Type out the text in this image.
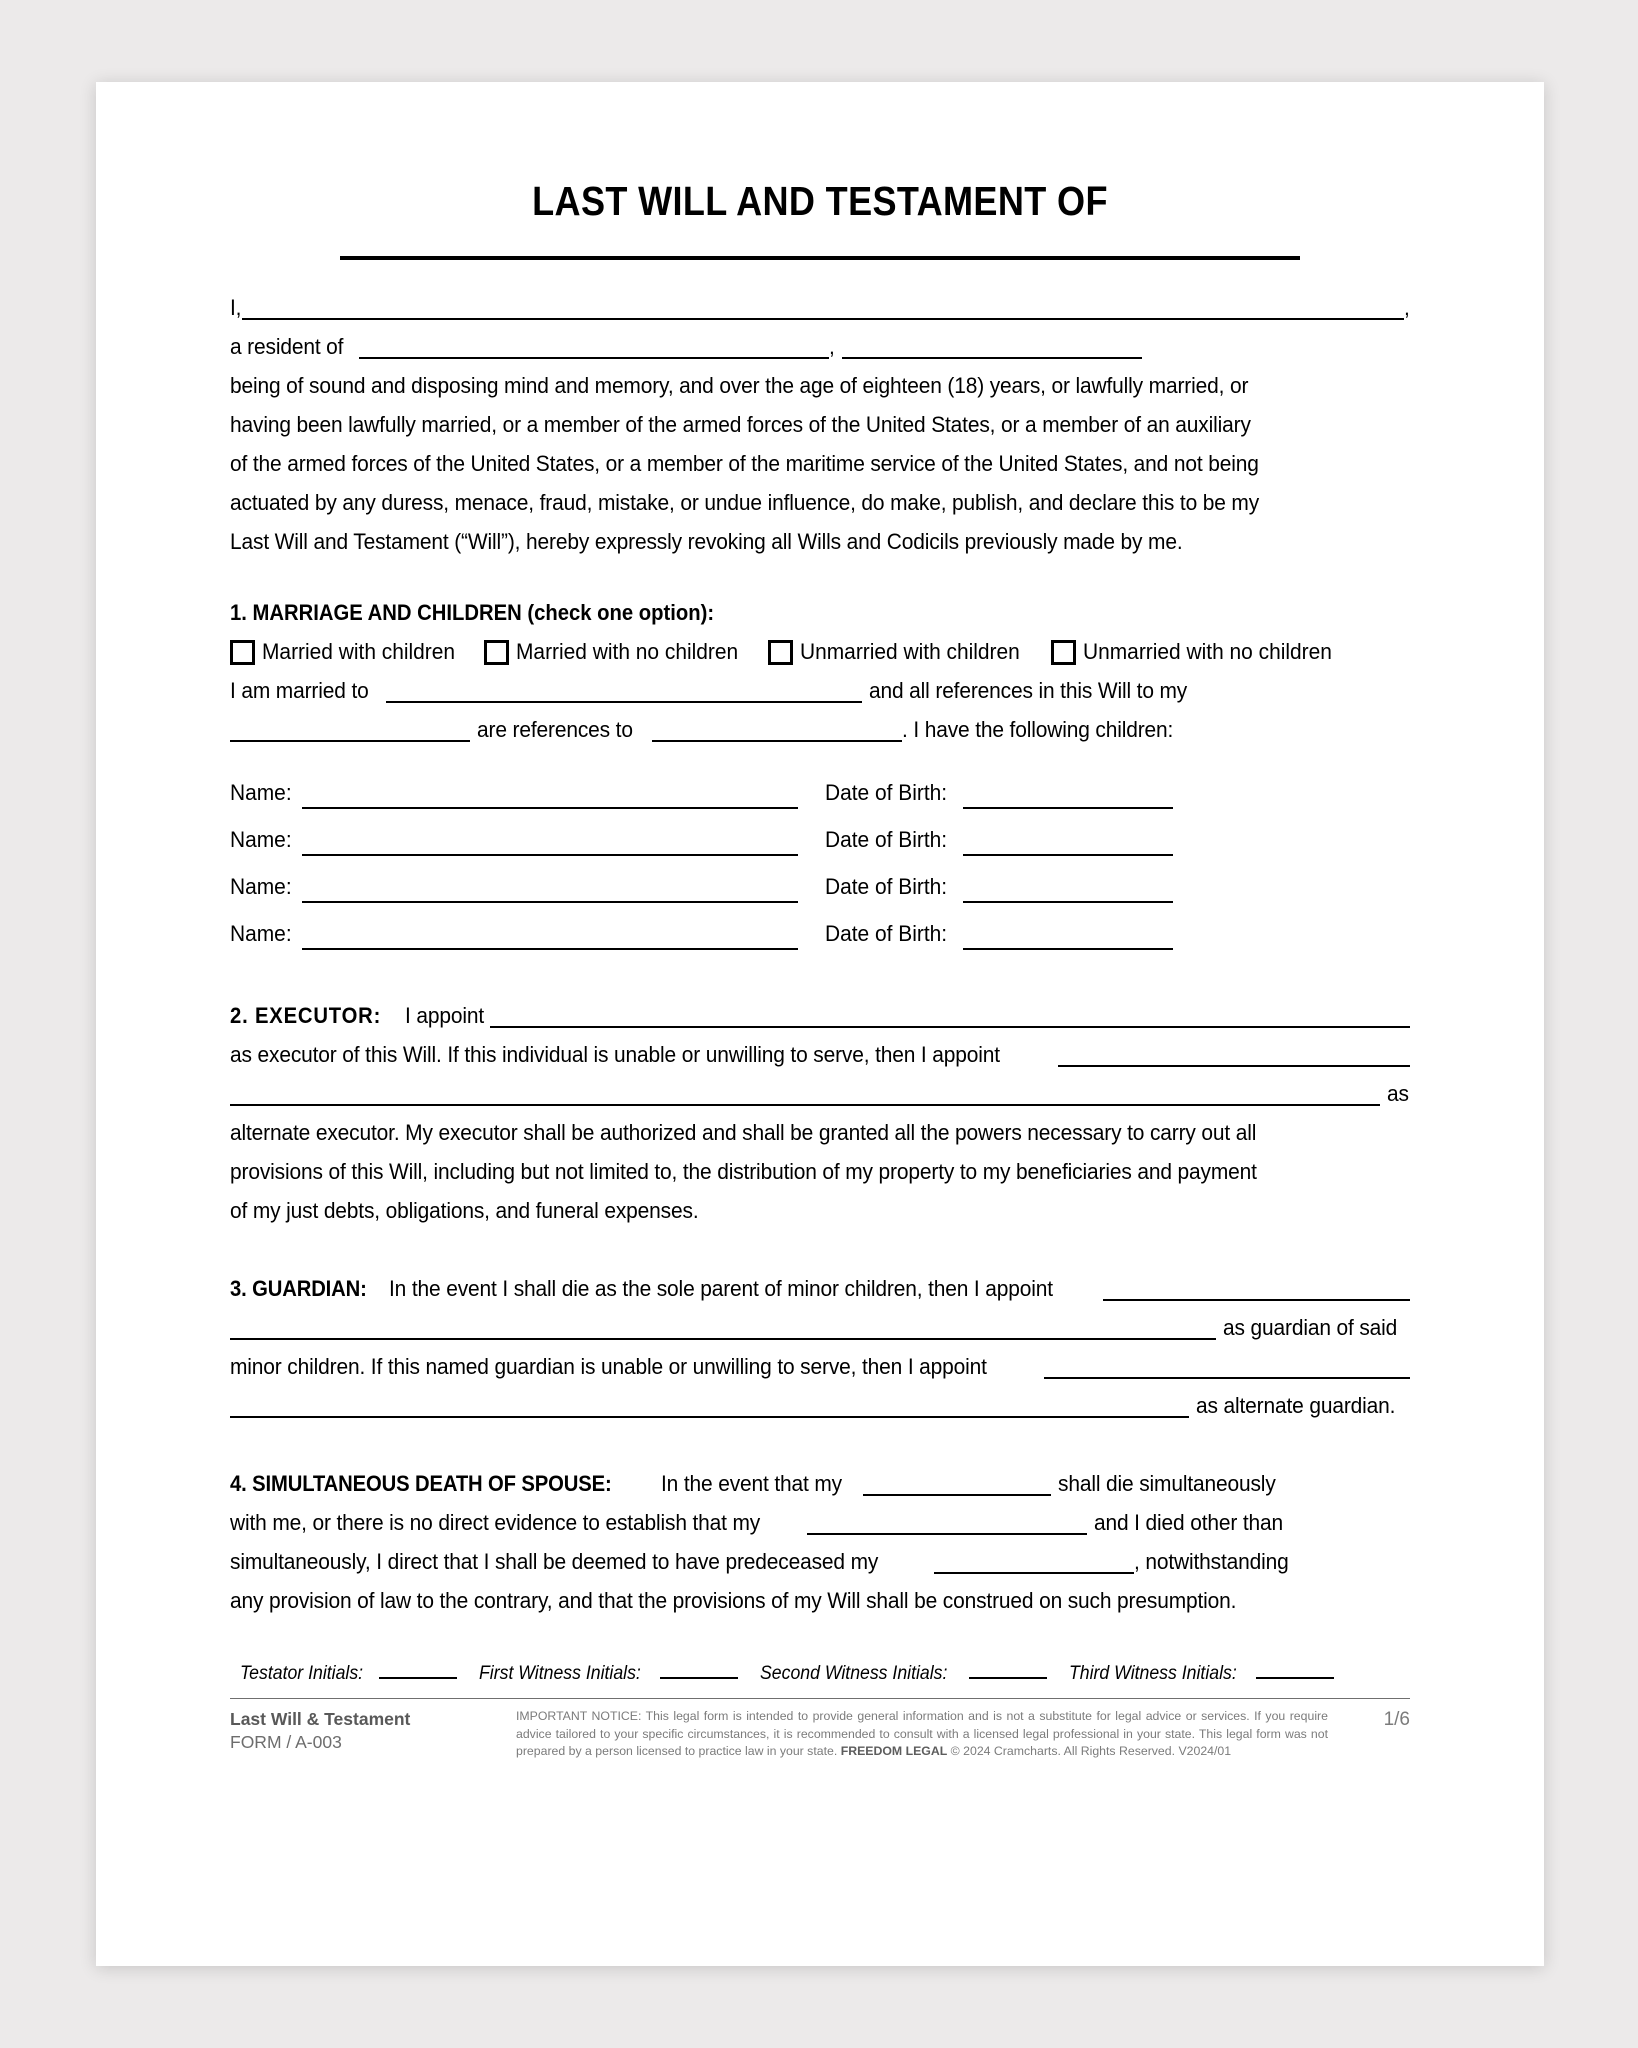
LAST WILL AND TESTAMENT OF
I,	,
a resident of	,
being of sound and disposing mind and memory, and over the age of eighteen (18) years, or lawfully married, or
having been lawfully married, or a member of the armed forces of the United States, or a member of an auxiliary
of the armed forces of the United States, or a member of the maritime service of the United States, and not being
actuated by any duress, menace, fraud, mistake, or undue influence, do make, publish, and declare this to be my
Last Will and Testament (“Will”), hereby expressly revoking all Wills and Codicils previously made by me.
1. MARRIAGE AND CHILDREN (check one option):
Married with children	Married with no children	Unmarried with children	Unmarried with no children
I am married to	and all references in this Will to my
are references to	. I have the following children:
Name:	Date of Birth:
Name:	Date of Birth:
Name:	Date of Birth:
Name:	Date of Birth:
2. EXECUTOR: I appoint
as executor of this Will. If this individual is unable or unwilling to serve, then I appoint
as
alternate executor. My executor shall be authorized and shall be granted all the powers necessary to carry out all
provisions of this Will, including but not limited to, the distribution of my property to my beneficiaries and payment
of my just debts, obligations, and funeral expenses.
3. GUARDIAN: In the event I shall die as the sole parent of minor children, then I appoint
as guardian of said
minor children. If this named guardian is unable or unwilling to serve, then I appoint
as alternate guardian.
4. SIMULTANEOUS DEATH OF SPOUSE: In the event that my	shall die simultaneously
with me, or there is no direct evidence to establish that my	and I died other than
simultaneously, I direct that I shall be deemed to have predeceased my	, notwithstanding
any provision of law to the contrary, and that the provisions of my Will shall be construed on such presumption.
Testator Initials:	First Witness Initials:	Second Witness Initials:	Third Witness Initials:
Last Will & Testament
FORM / A-003
IMPORTANT NOTICE: This legal form is intended to provide general information and is not a substitute for legal advice or services. If you require advice tailored to your specific circumstances, it is recommended to consult with a licensed legal professional in your state. This legal form was not prepared by a person licensed to practice law in your state. FREEDOM LEGAL © 2024 Cramcharts. All Rights Reserved. V2024/01
1/6
